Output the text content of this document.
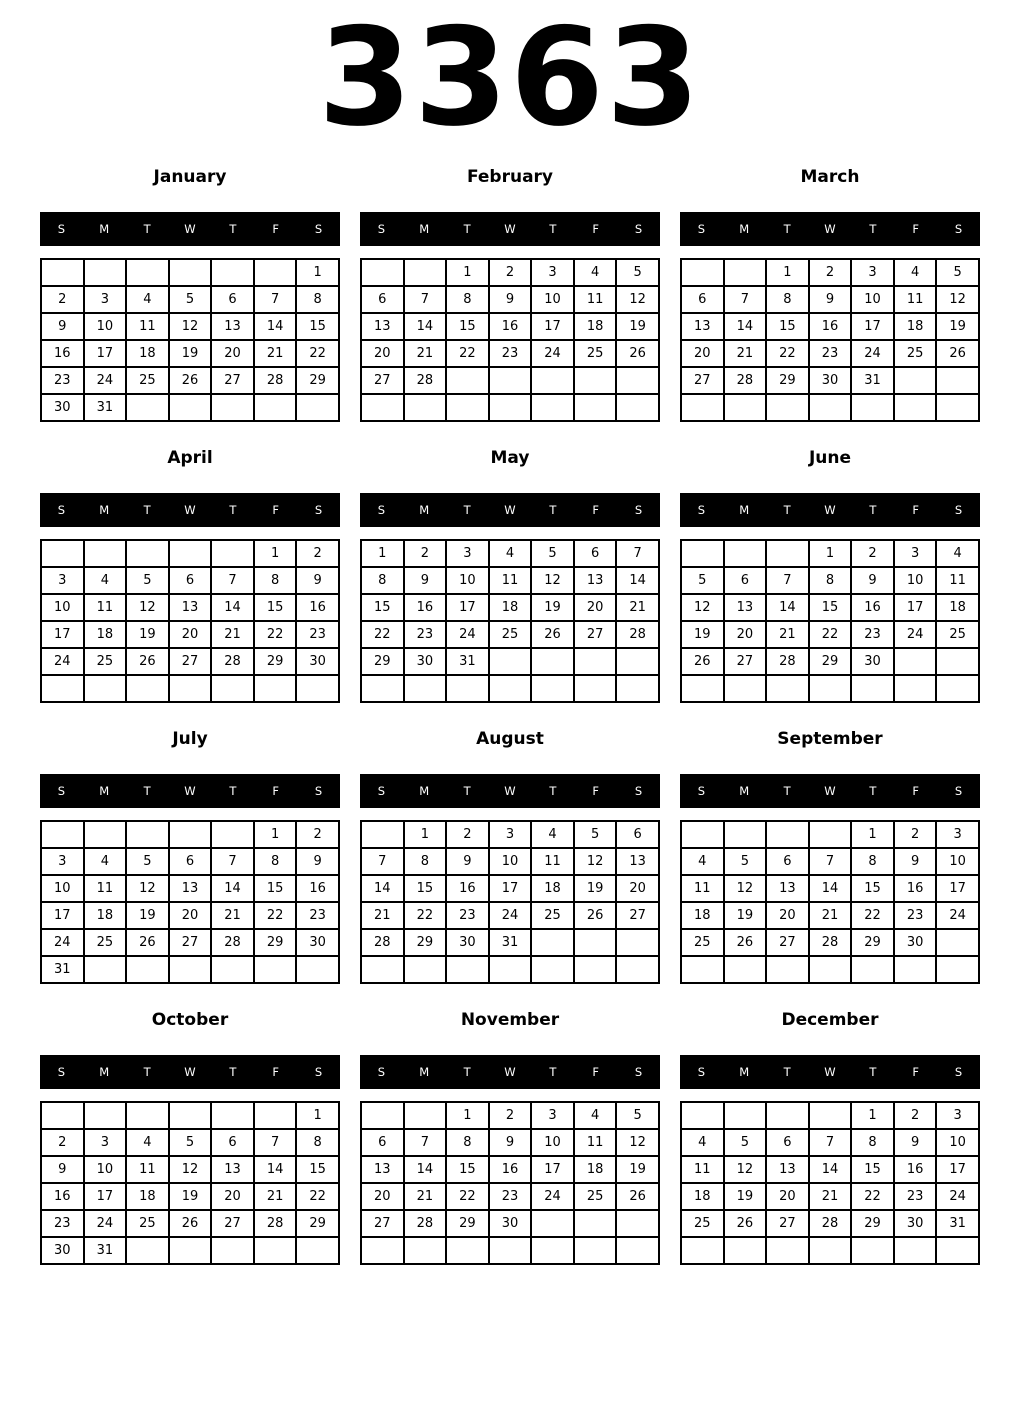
3363
January
S	M	T	W	T	F	S
						1
2	3	4	5	6	7	8
9	10	11	12	13	14	15
16	17	18	19	20	21	22
23	24	25	26	27	28	29
30	31					
February
S	M	T	W	T	F	S
		1	2	3	4	5
6	7	8	9	10	11	12
13	14	15	16	17	18	19
20	21	22	23	24	25	26
27	28					

March
S	M	T	W	T	F	S
		1	2	3	4	5
6	7	8	9	10	11	12
13	14	15	16	17	18	19
20	21	22	23	24	25	26
27	28	29	30	31		

April
S	M	T	W	T	F	S
					1	2
3	4	5	6	7	8	9
10	11	12	13	14	15	16
17	18	19	20	21	22	23
24	25	26	27	28	29	30

May
S	M	T	W	T	F	S
1	2	3	4	5	6	7
8	9	10	11	12	13	14
15	16	17	18	19	20	21
22	23	24	25	26	27	28
29	30	31				

June
S	M	T	W	T	F	S
			1	2	3	4
5	6	7	8	9	10	11
12	13	14	15	16	17	18
19	20	21	22	23	24	25
26	27	28	29	30		

July
S	M	T	W	T	F	S
					1	2
3	4	5	6	7	8	9
10	11	12	13	14	15	16
17	18	19	20	21	22	23
24	25	26	27	28	29	30
31						
August
S	M	T	W	T	F	S
	1	2	3	4	5	6
7	8	9	10	11	12	13
14	15	16	17	18	19	20
21	22	23	24	25	26	27
28	29	30	31			

September
S	M	T	W	T	F	S
				1	2	3
4	5	6	7	8	9	10
11	12	13	14	15	16	17
18	19	20	21	22	23	24
25	26	27	28	29	30	

October
S	M	T	W	T	F	S
						1
2	3	4	5	6	7	8
9	10	11	12	13	14	15
16	17	18	19	20	21	22
23	24	25	26	27	28	29
30	31					
November
S	M	T	W	T	F	S
		1	2	3	4	5
6	7	8	9	10	11	12
13	14	15	16	17	18	19
20	21	22	23	24	25	26
27	28	29	30			

December
S	M	T	W	T	F	S
				1	2	3
4	5	6	7	8	9	10
11	12	13	14	15	16	17
18	19	20	21	22	23	24
25	26	27	28	29	30	31
